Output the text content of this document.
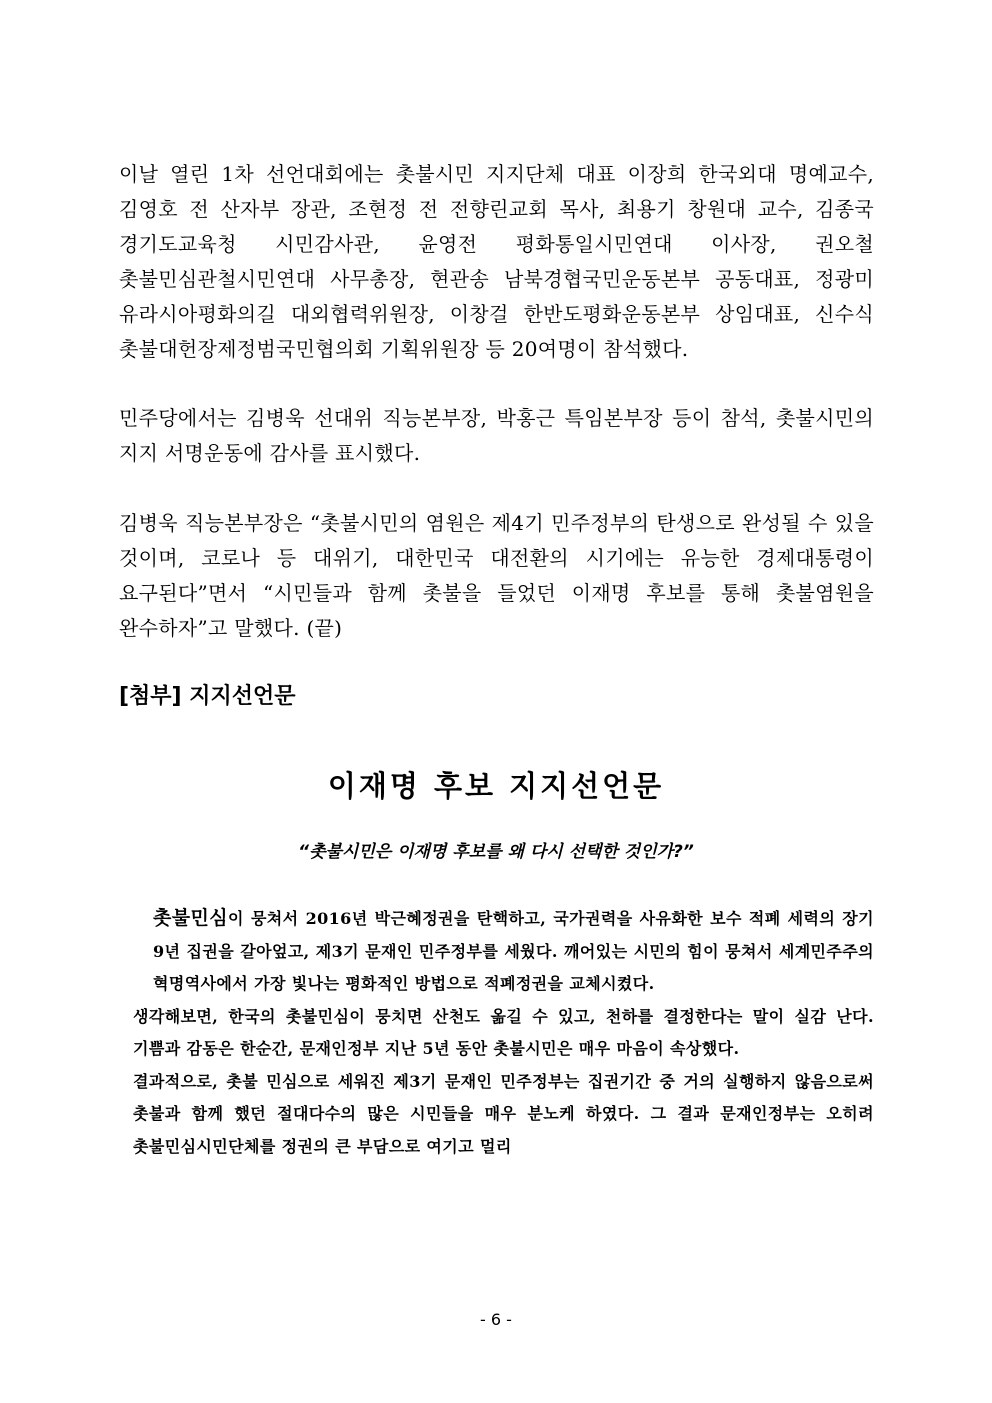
이날 열린 1차 선언대회에는 촛불시민 지지단체 대표 이장희 한국외대 명예교수, 김영호 전 산자부 장관, 조현정 전 전향린교회 목사, 최용기 창원대 교수, 김종국 경기도교육청 시민감사관, 윤영전 평화통일시민연대 이사장, 권오철 촛불민심관철시민연대 사무총장, 현관송 남북경협국민운동본부 공동대표, 정광미 유라시아평화의길 대외협력위원장, 이창걸 한반도평화운동본부 상임대표, 신수식 촛불대헌장제정범국민협의회 기획위원장 등 20여명이 참석했다.

민주당에서는 김병욱 선대위 직능본부장, 박홍근 특임본부장 등이 참석, 촛불시민의 지지 서명운동에 감사를 표시했다.

김병욱 직능본부장은 “촛불시민의 염원은 제4기 민주정부의 탄생으로 완성될 수 있을 것이며, 코로나 등 대위기, 대한민국 대전환의 시기에는 유능한 경제대통령이 요구된다”면서 “시민들과 함께 촛불을 들었던 이재명 후보를 통해 촛불염원을 완수하자”고 말했다. (끝)

[첨부] 지지선언문
이재명 후보 지지선언문
“촛불시민은 이재명 후보를 왜 다시 선택한 것인가?”

촛불민심이 뭉쳐서 2016년 박근혜정권을 탄핵하고, 국가권력을 사유화한 보수 적폐 세력의 장기 9년 집권을 갈아엎고, 제3기 문재인 민주정부를 세웠다. 깨어있는 시민의 힘이 뭉쳐서 세계민주주의 혁명역사에서 가장 빛나는 평화적인 방법으로 적폐정권을 교체시켰다.

생각해보면, 한국의 촛불민심이 뭉치면 산천도 옮길 수 있고, 천하를 결정한다는 말이 실감 난다. 기쁨과 감동은 한순간, 문재인정부 지난 5년 동안 촛불시민은 매우 마음이 속상했다.

결과적으로, 촛불 민심으로 세워진 제3기 문재인 민주정부는 집권기간 중 거의 실행하지 않음으로써 촛불과 함께 했던 절대다수의 많은 시민들을 매우 분노케 하였다. 그 결과 문재인정부는 오히려 촛불민심시민단체를 정권의 큰 부담으로 여기고 멀리

- 6 -
